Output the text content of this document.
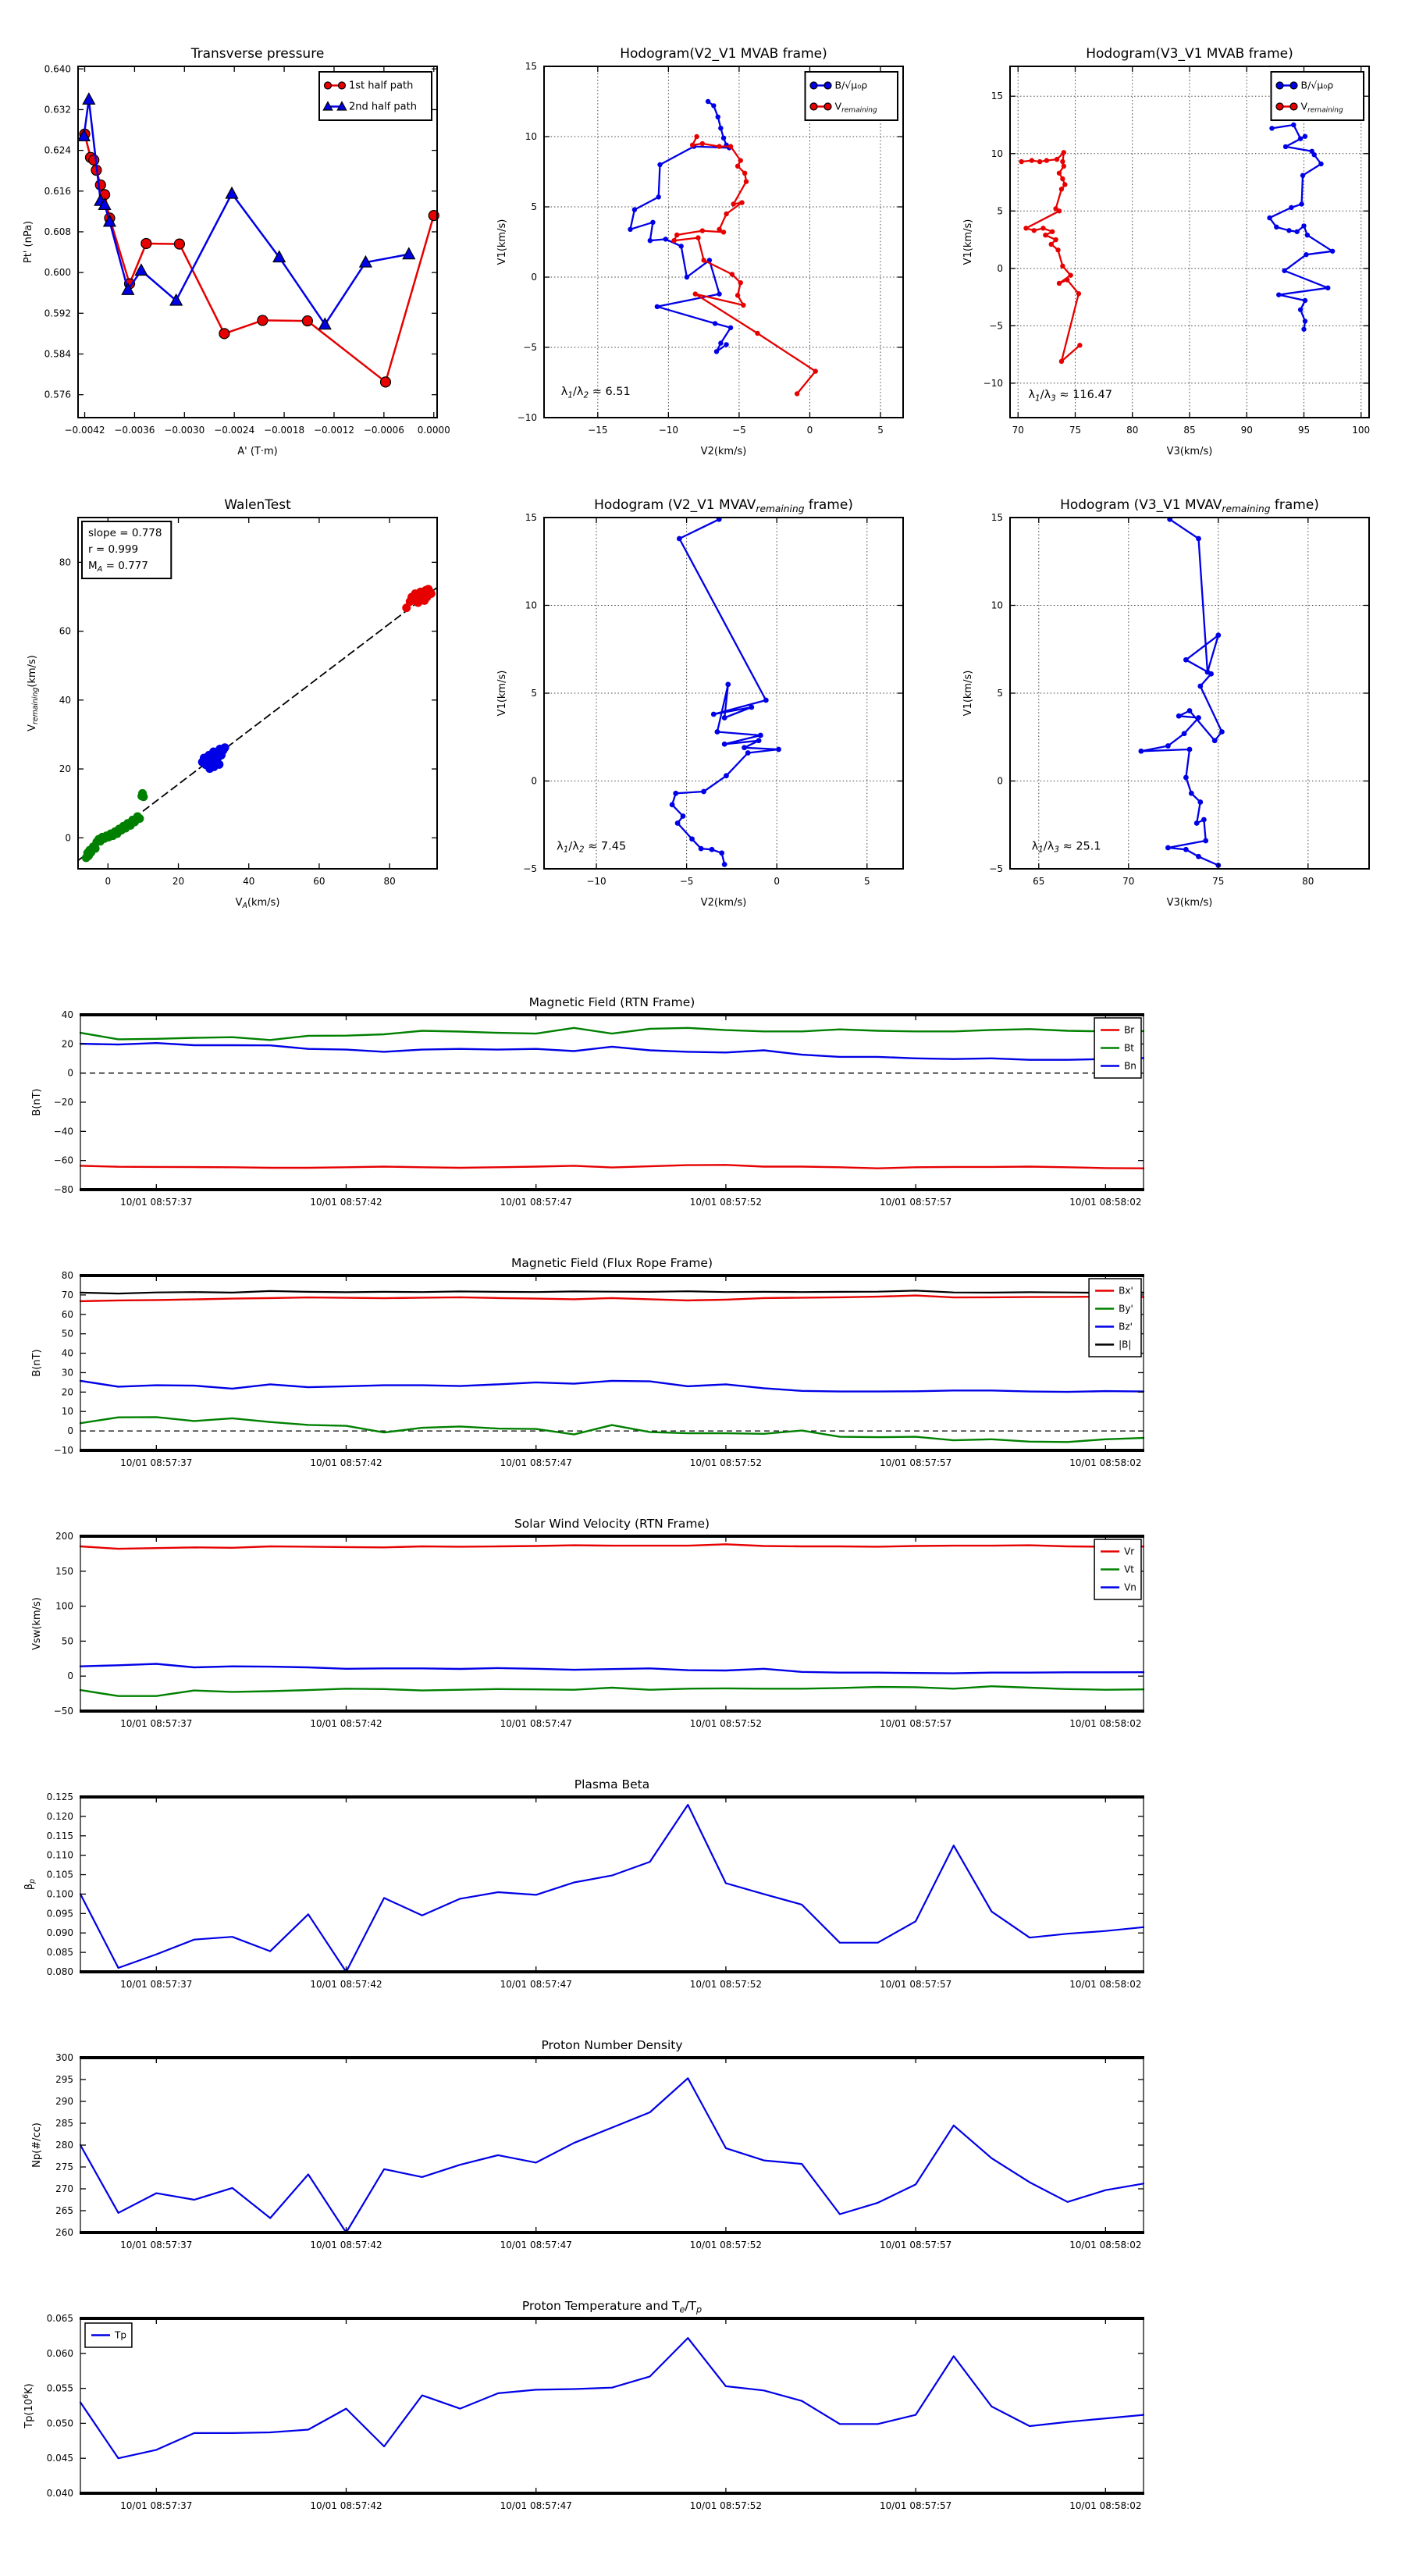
−0.0042 −0.0036 −0.0030 −0.0024 −0.0018 −0.0012 −0.0006 0.0000
0.576
0.584
0.592
0.600
0.608
0.616
0.624
0.632
0.640
Transverse pressure
A' (T·m)
Pt' (nPa)
1st half path
2nd half path
−15	−10	−5	0	5
−10
−5
0
5
10
15
Hodogram(V2_V1 MVAB frame)
V2(km/s)
V1(km/s)
$\lambda_1/\lambda_2 \approx 6.51$
B/√μ₀ρ
$V_{remaining}$
70	75	80	85	90	95	100
−10
−5
0
5
10
15
Hodogram(V3_V1 MVAB frame)
V3(km/s)
V1(km/s)
$\lambda_1/\lambda_3 \approx 116.47$
B/√μ₀ρ
$V_{remaining}$
0	20	40	60	80
0
20
40
60
80
WalenTest
$V_A(km/s)$
$V_{remaining}(km/s)$
slope = 0.778
r = 0.999
$M_A = 0.777$
−10	−5	0	5
−5
0
5
10
15
Hodogram (V2_V1 $MVAV_{remaining}$ frame)
V2(km/s)
V1(km/s)
$\lambda_1/\lambda_2 \approx 7.45$
65	70	75	80
−5
0
5
10
15
Hodogram (V3_V1 $MVAV_{remaining}$ frame)
V3(km/s)
V1(km/s)
$\lambda_1/\lambda_3 \approx 25.1$
10/01 08:57:37	10/01 08:57:42	10/01 08:57:47	10/01 08:57:52	10/01 08:57:57	10/01 08:58:02
−80
−60
−40
−20
0
20
40
Magnetic Field (RTN Frame)
B(nT)
Br
Bt
Bn
10/01 08:57:37	10/01 08:57:42	10/01 08:57:47	10/01 08:57:52	10/01 08:57:57	10/01 08:58:02
−10
0
10
20
30
40
50
60
70
80
Magnetic Field (Flux Rope Frame)
B(nT)
Bx'
By'
Bz'
|B|
10/01 08:57:37	10/01 08:57:42	10/01 08:57:47	10/01 08:57:52	10/01 08:57:57	10/01 08:58:02
−50
0
50
100
150
200
Solar Wind Velocity (RTN Frame)
Vsw(km/s)
Vr
Vt
Vn
10/01 08:57:37	10/01 08:57:42	10/01 08:57:47	10/01 08:57:52	10/01 08:57:57	10/01 08:58:02
0.080
0.085
0.090
0.095
0.100
0.105
0.110
0.115
0.120
0.125
Plasma Beta
$\beta_p$
10/01 08:57:37	10/01 08:57:42	10/01 08:57:47	10/01 08:57:52	10/01 08:57:57	10/01 08:58:02
260
265
270
275
280
285
290
295
300
Proton Number Density
Np(#/cc)
10/01 08:57:37	10/01 08:57:42	10/01 08:57:47	10/01 08:57:52	10/01 08:57:57	10/01 08:58:02
0.040
0.045
0.050
0.055
0.060
0.065
Proton Temperature and $T_e/T_p$
$Tp(10^6K)$
Tp
